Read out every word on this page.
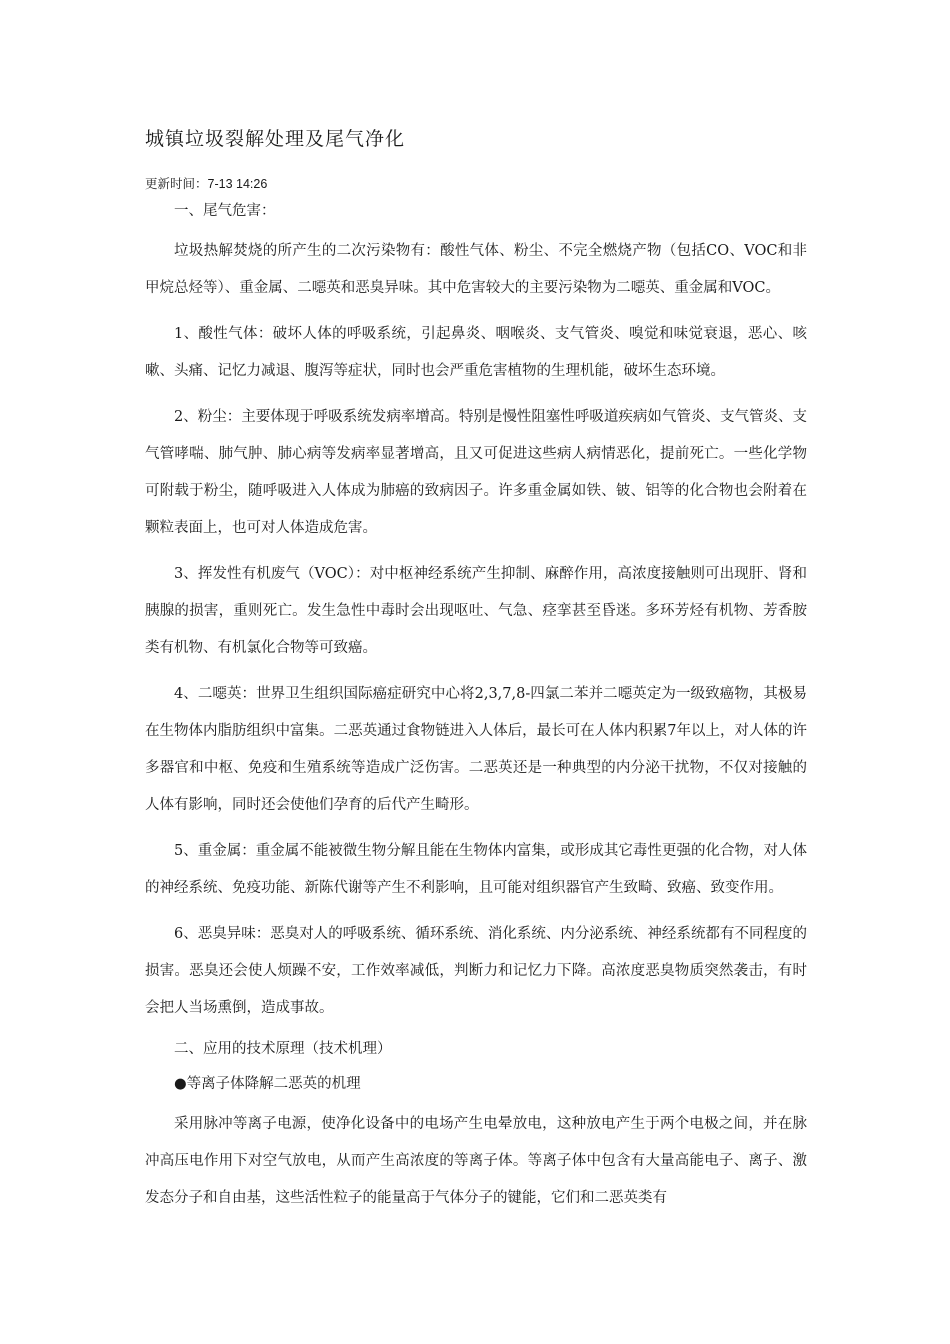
城镇垃圾裂解处理及尾气净化
更新时间：7-13 14:26

一、尾气危害：

垃圾热解焚烧的所产生的二次污染物有：酸性气体、粉尘、不完全燃烧产物（包括CO、VOC和非甲烷总烃等）、重金属、二噁英和恶臭异味。其中危害较大的主要污染物为二噁英、重金属和VOC。

1、酸性气体：破坏人体的呼吸系统，引起鼻炎、咽喉炎、支气管炎、嗅觉和味觉衰退，恶心、咳嗽、头痛、记忆力减退、腹泻等症状，同时也会严重危害植物的生理机能，破坏生态环境。

2、粉尘：主要体现于呼吸系统发病率增高。特别是慢性阻塞性呼吸道疾病如气管炎、支气管炎、支气管哮喘、肺气肿、肺心病等发病率显著增高，且又可促进这些病人病情恶化，提前死亡。一些化学物可附载于粉尘，随呼吸进入人体成为肺癌的致病因子。许多重金属如铁、铍、铝等的化合物也会附着在颗粒表面上，也可对人体造成危害。

3、挥发性有机废气（VOC）：对中枢神经系统产生抑制、麻醉作用，高浓度接触则可出现肝、肾和胰腺的损害，重则死亡。发生急性中毒时会出现呕吐、气急、痉挛甚至昏迷。多环芳烃有机物、芳香胺类有机物、有机氯化合物等可致癌。

4、二噁英：世界卫生组织国际癌症研究中心将2,3,7,8-四氯二苯并二噁英定为一级致癌物，其极易在生物体内脂肪组织中富集。二恶英通过食物链进入人体后，最长可在人体内积累7年以上，对人体的许多器官和中枢、免疫和生殖系统等造成广泛伤害。二恶英还是一种典型的内分泌干扰物，不仅对接触的人体有影响，同时还会使他们孕育的后代产生畸形。

5、重金属：重金属不能被微生物分解且能在生物体内富集，或形成其它毒性更强的化合物，对人体的神经系统、免疫功能、新陈代谢等产生不利影响，且可能对组织器官产生致畸、致癌、致变作用。

6、恶臭异味：恶臭对人的呼吸系统、循环系统、消化系统、内分泌系统、神经系统都有不同程度的损害。恶臭还会使人烦躁不安，工作效率减低，判断力和记忆力下降。高浓度恶臭物质突然袭击，有时会把人当场熏倒，造成事故。

二、应用的技术原理（技术机理）

●等离子体降解二恶英的机理

采用脉冲等离子电源，使净化设备中的电场产生电晕放电，这种放电产生于两个电极之间，并在脉冲高压电作用下对空气放电，从而产生高浓度的等离子体。等离子体中包含有大量高能电子、离子、激发态分子和自由基，这些活性粒子的能量高于气体分子的键能，它们和二恶英类有
